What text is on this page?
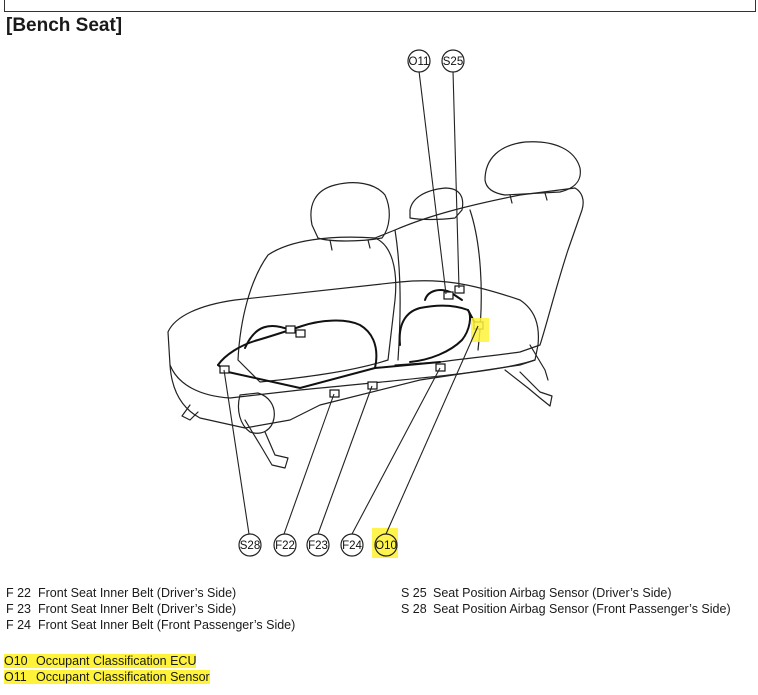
[Bench Seat]
O11 S25
S28 F22 F23 F24 O10
F 22 Front Seat Inner Belt (Driver’s Side)
F 23 Front Seat Inner Belt (Driver’s Side)
F 24 Front Seat Inner Belt (Front Passenger’s Side)
S 25 Seat Position Airbag Sensor (Driver’s Side)
S 28 Seat Position Airbag Sensor (Front Passenger’s Side)
O10 Occupant Classification ECU
O11 Occupant Classification Sensor
